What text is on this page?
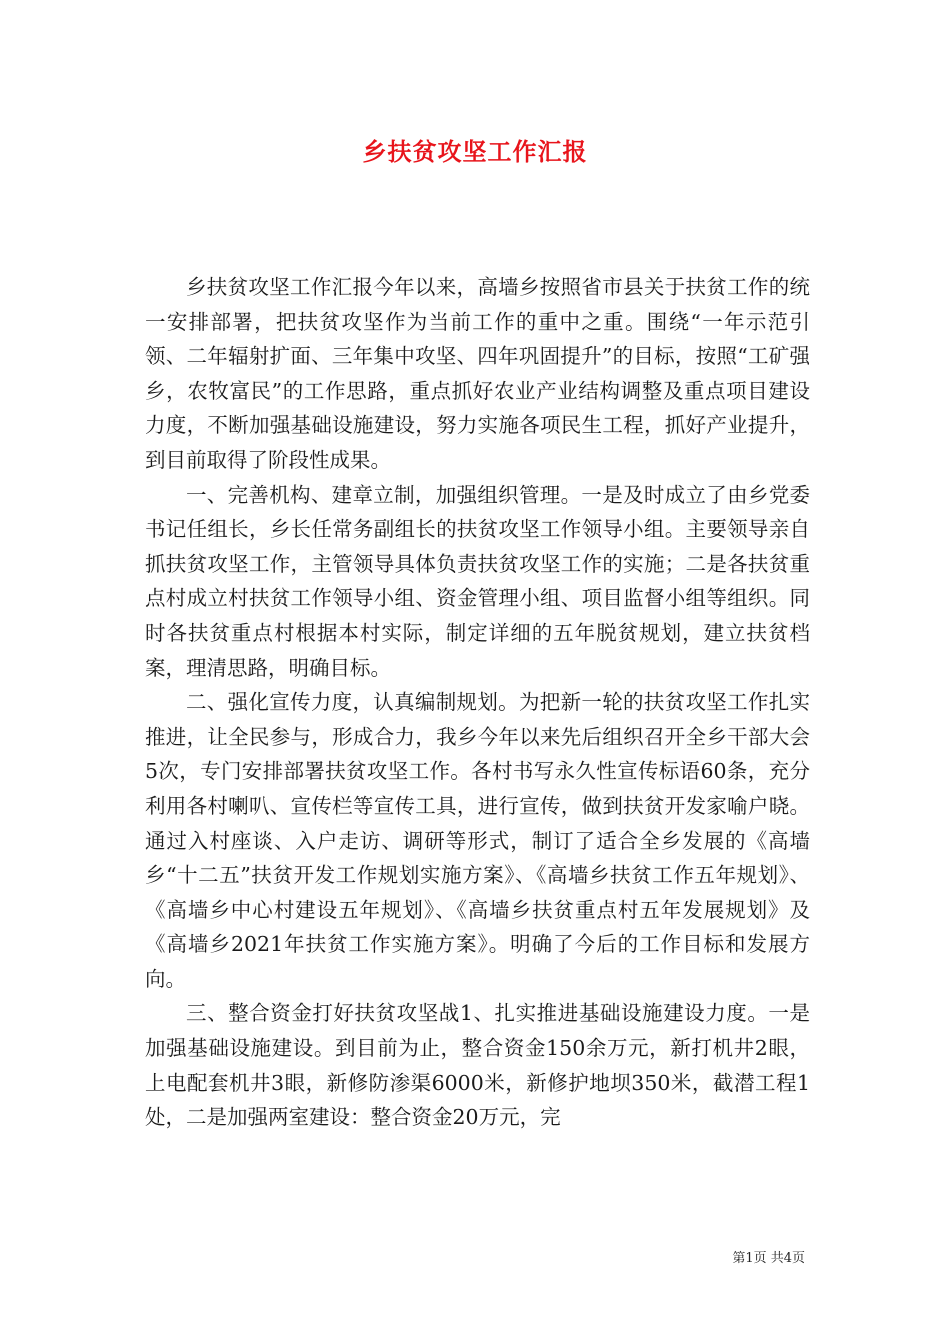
乡扶贫攻坚工作汇报

乡扶贫攻坚工作汇报今年以来，高墙乡按照省市县关于扶贫工作的统一安排部署，把扶贫攻坚作为当前工作的重中之重。围绕“一年示范引领、二年辐射扩面、三年集中攻坚、四年巩固提升”的目标，按照“工矿强乡，农牧富民”的工作思路，重点抓好农业产业结构调整及重点项目建设力度，不断加强基础设施建设，努力实施各项民生工程，抓好产业提升，到目前取得了阶段性成果。

一、完善机构、建章立制，加强组织管理。一是及时成立了由乡党委书记任组长，乡长任常务副组长的扶贫攻坚工作领导小组。主要领导亲自抓扶贫攻坚工作，主管领导具体负责扶贫攻坚工作的实施；二是各扶贫重点村成立村扶贫工作领导小组、资金管理小组、项目监督小组等组织。同时各扶贫重点村根据本村实际，制定详细的五年脱贫规划，建立扶贫档案，理清思路，明确目标。

二、强化宣传力度，认真编制规划。为把新一轮的扶贫攻坚工作扎实推进，让全民参与，形成合力，我乡今年以来先后组织召开全乡干部大会5次，专门安排部署扶贫攻坚工作。各村书写永久性宣传标语60条，充分利用各村喇叭、宣传栏等宣传工具，进行宣传，做到扶贫开发家喻户晓。通过入村座谈、入户走访、调研等形式，制订了适合全乡发展的《高墙乡“十二五”扶贫开发工作规划实施方案》、《高墙乡扶贫工作五年规划》、《高墙乡中心村建设五年规划》、《高墙乡扶贫重点村五年发展规划》及《高墙乡2021年扶贫工作实施方案》。明确了今后的工作目标和发展方向。

三、整合资金打好扶贫攻坚战1、扎实推进基础设施建设力度。一是加强基础设施建设。到目前为止，整合资金150余万元，新打机井2眼，上电配套机井3眼，新修防渗渠6000米，新修护地坝350米，截潜工程1处，二是加强两室建设：整合资金20万元，完

第1页 共4页
